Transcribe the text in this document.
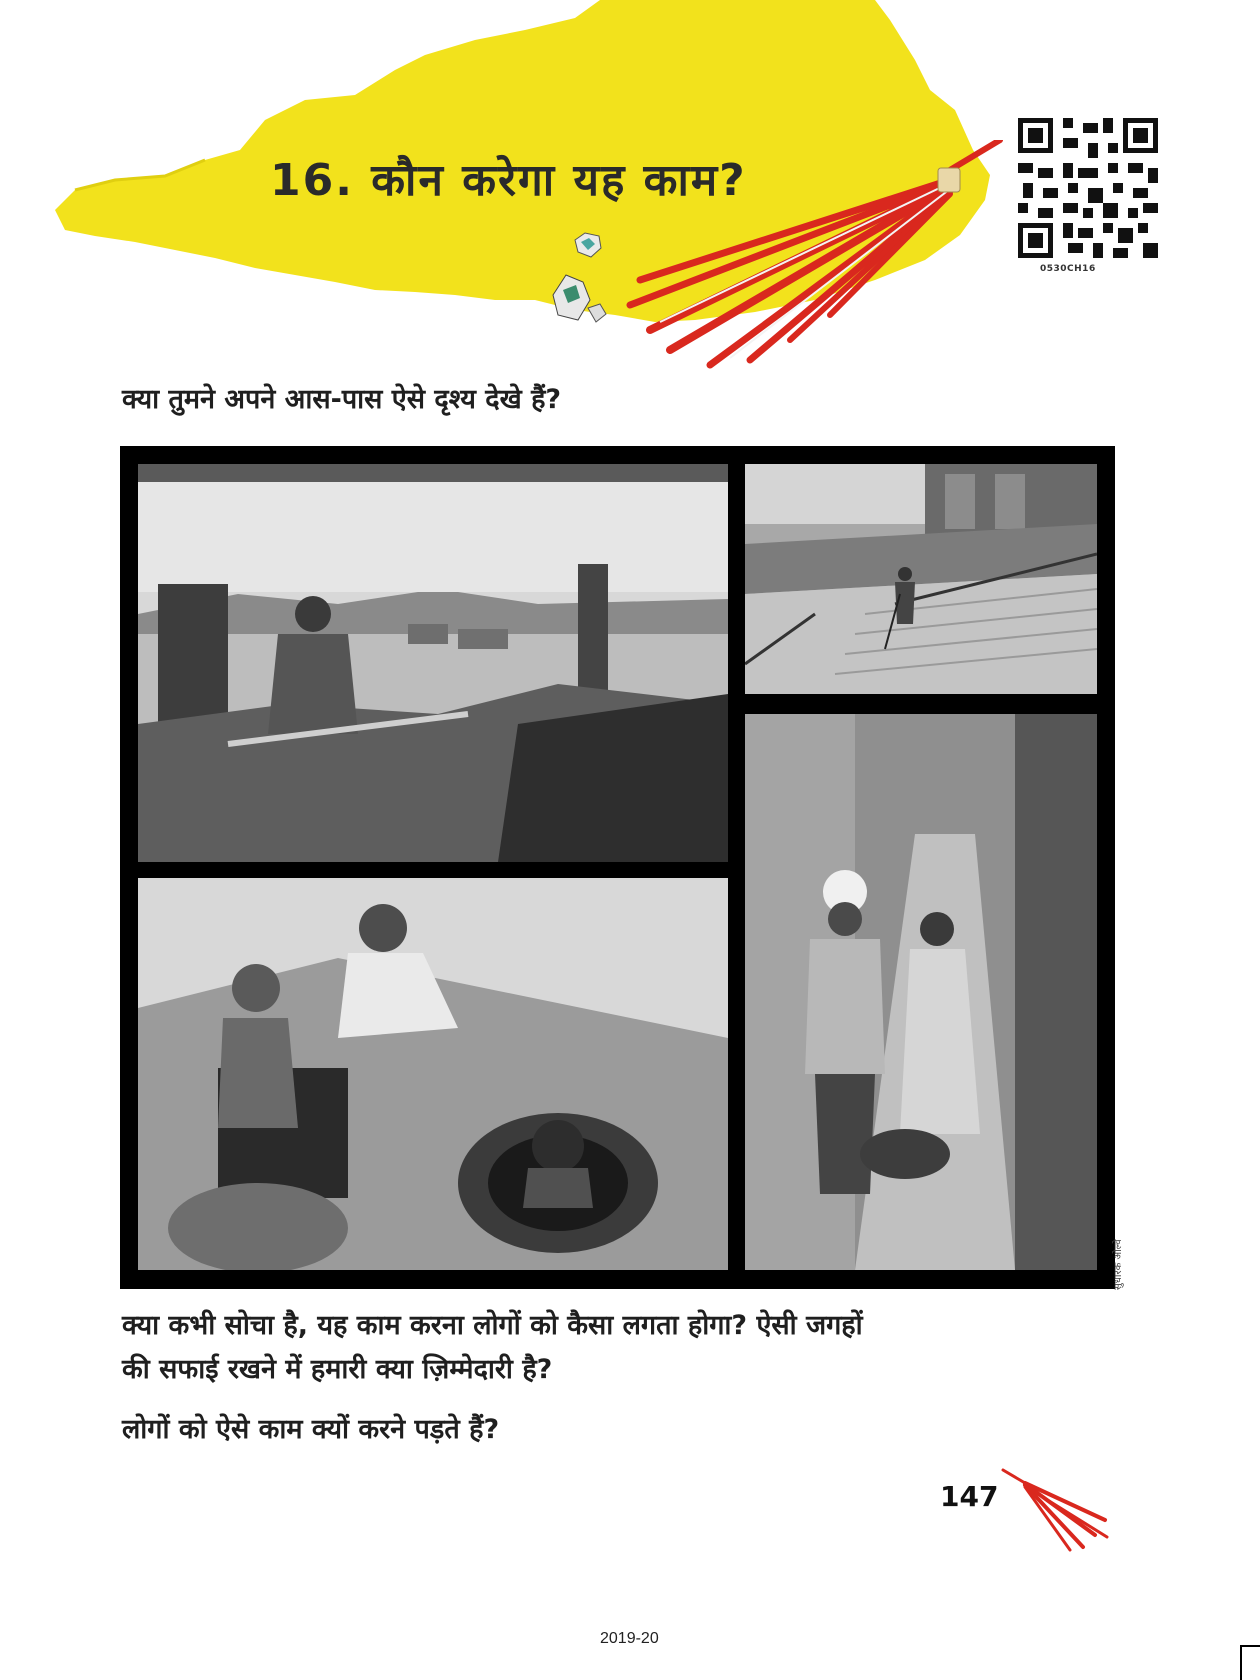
16. कौन करेगा यह काम?
0530CH16
क्या तुमने अपने आस-पास ऐसे दृश्य देखे हैं?
सुधारक ओल्वे
क्या कभी सोचा है, यह काम करना लोगों को कैसा लगता होगा? ऐसी जगहों
की सफाई रखने में हमारी क्या ज़िम्मेदारी है?
लोगों को ऐसे काम क्यों करने पड़ते हैं?
147
2019-20
